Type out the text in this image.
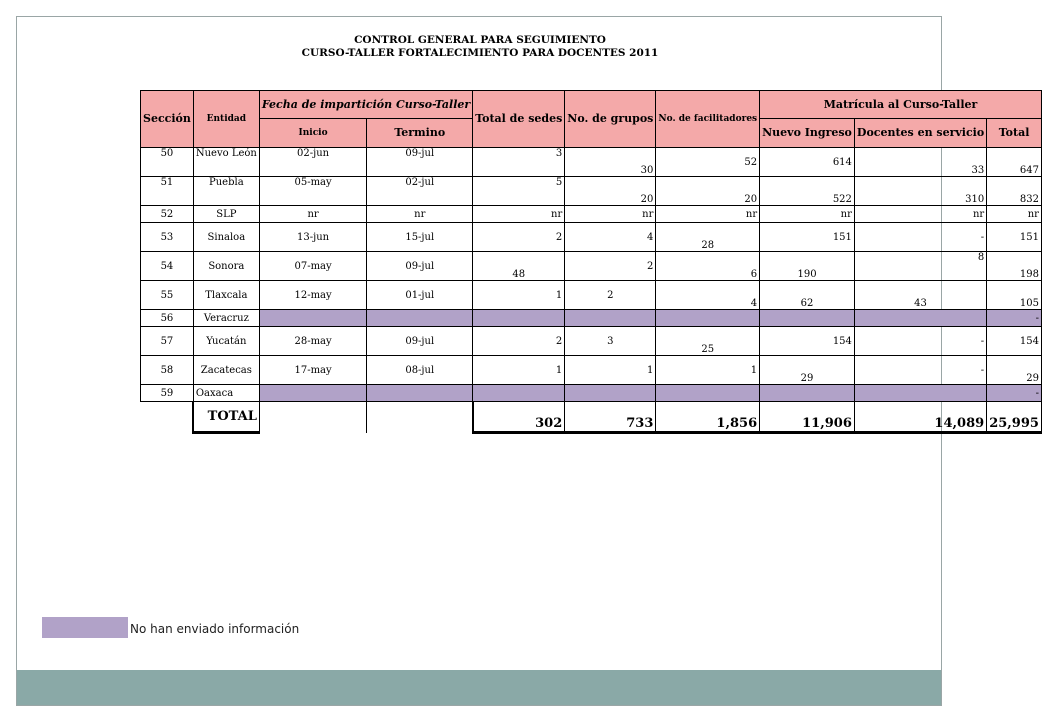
CONTROL GENERAL PARA SEGUIMIENTO
CURSO-TALLER FORTALECIMIENTO PARA DOCENTES 2011
Sección	Entidad	Fecha de impartición Curso-Taller		Total de sedes	No. de grupos	No. de facilitadores	Matrícula al Curso-Taller		
		Inicio	Termino				Nuevo Ingreso	Docentes en servicio	Total
50	Nuevo León	02-jun	09-jul	3	30	52	614	33	647
51	Puebla	05-may	02-jul	5	20	20	522	310	832
52	SLP	nr	nr	nr	nr	nr	nr	nr	nr
53	Sinaloa	13-jun	15-jul	2	4	28	151	-	151
54	Sonora	07-may	09-jul	48	2	6	190	8	198
55	Tlaxcala	12-may	01-jul	1	2	4	62	43	105
56	Veracruz								-
57	Yucatán	28-may	09-jul	2	3	25	154	-	154
58	Zacatecas	17-may	08-jul	1	1	1	29	-	29
59	Oaxaca								-
	TOTAL			302	733	1,856	11,906	14,089	25,995
No han enviado información
